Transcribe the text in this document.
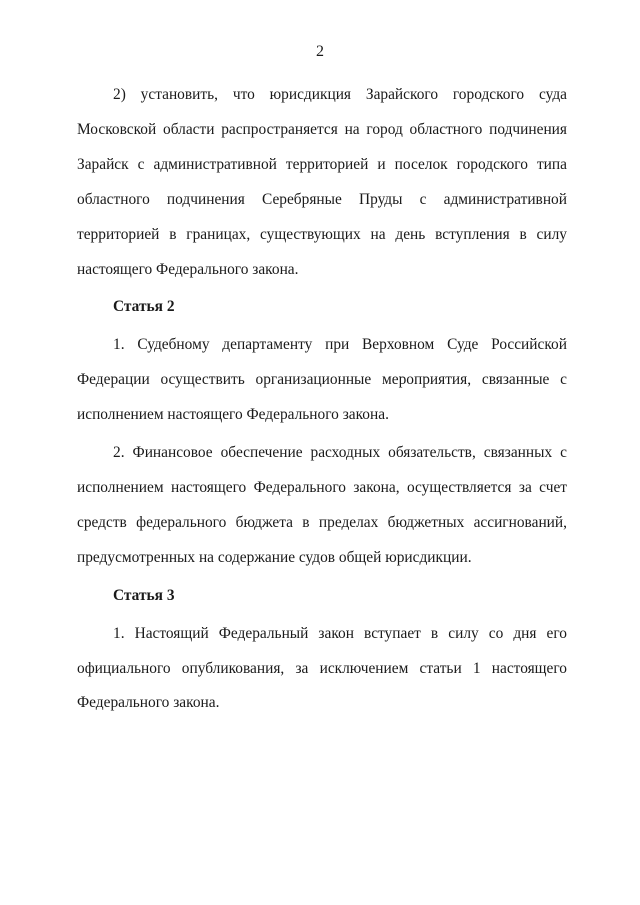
2

2) установить, что юрисдикция Зарайского городского суда Московской области распространяется на город областного подчинения Зарайск с административной территорией и поселок городского типа областного подчинения Серебряные Пруды с административной территорией в границах, существующих на день вступления в силу настоящего Федерального закона.

Статья 2

1. Судебному департаменту при Верховном Суде Российской Федерации осуществить организационные мероприятия, связанные с исполнением настоящего Федерального закона.

2. Финансовое обеспечение расходных обязательств, связанных с исполнением настоящего Федерального закона, осуществляется за счет средств федерального бюджета в пределах бюджетных ассигнований, предусмотренных на содержание судов общей юрисдикции.

Статья 3

1. Настоящий Федеральный закон вступает в силу со дня его официального опубликования, за исключением статьи 1 настоящего Федерального закона.
